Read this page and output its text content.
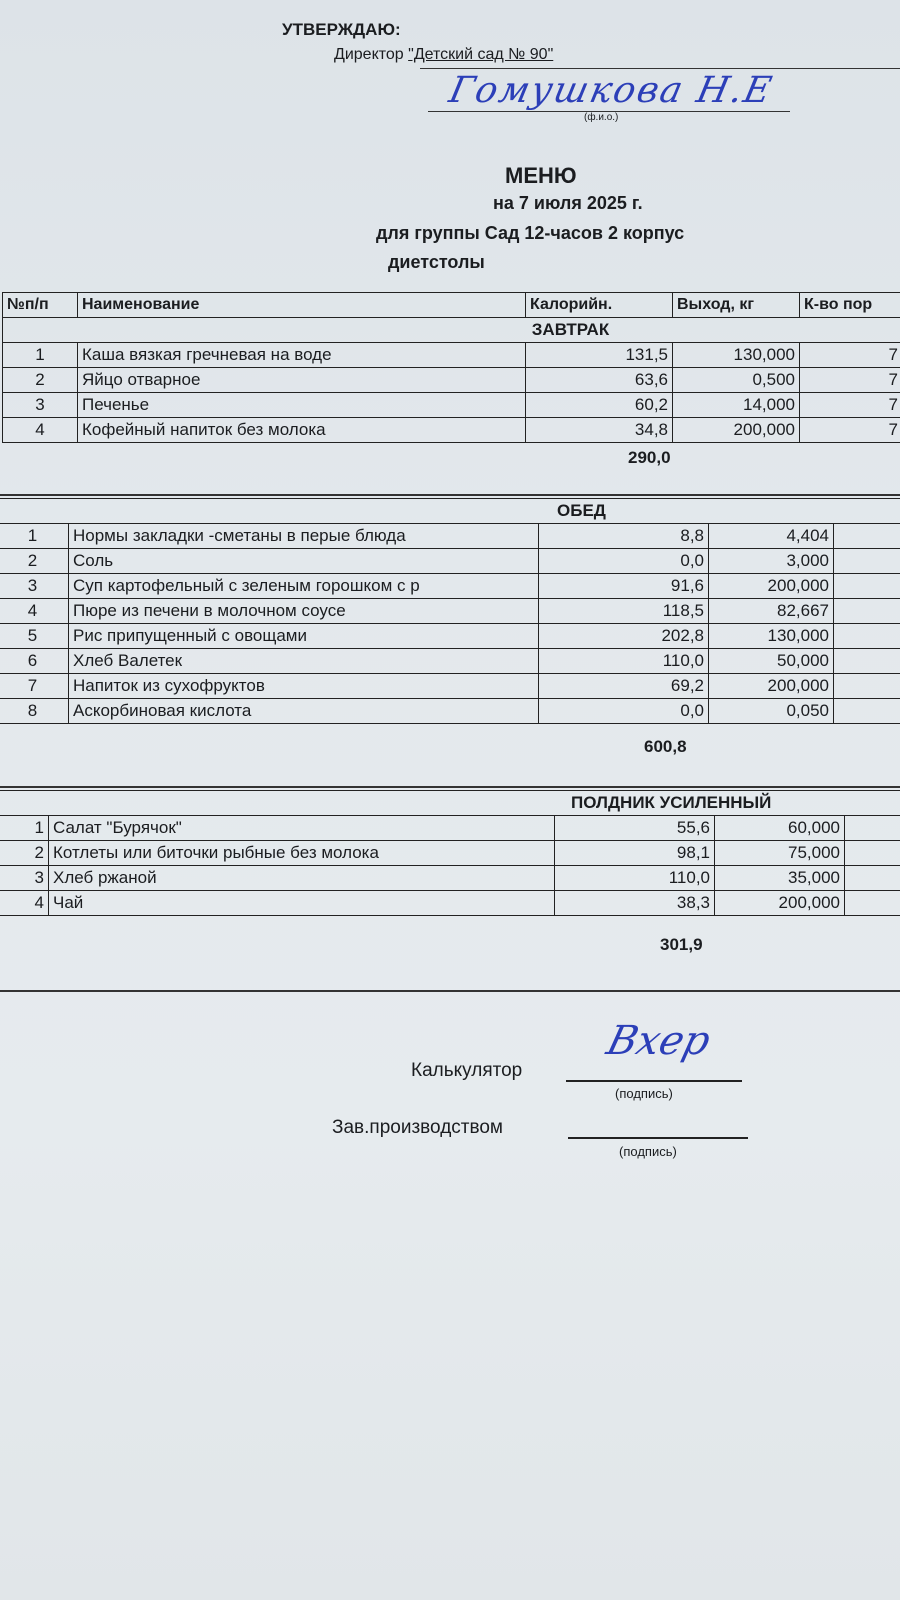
УТВЕРЖДАЮ:
Директор "Детский сад № 90"
Гомушкова Н.Е
(ф.и.о.)
МЕНЮ
на 7 июля 2025 г.
для группы Сад 12-часов 2 корпус
диетстолы
№п/п	Наименование	Калорийн.	Выход, кг	К-во пор
ЗАВТРАК				
1	Каша вязкая гречневая на воде	131,5	130,000	7
2	Яйцо отварное	63,6	0,500	7
3	Печенье	60,2	14,000	7
4	Кофейный напиток без молока	34,8	200,000	7
290,0
ОБЕД				
1	Нормы закладки -сметаны в перые блюда	8,8	4,404	
2	Соль	0,0	3,000	
3	Суп картофельный с зеленым горошком с р	91,6	200,000	
4	Пюре из печени в молочном соусе	118,5	82,667	
5	Рис припущенный с овощами	202,8	130,000	
6	Хлеб Валетек	110,0	50,000	
7	Напиток из сухофруктов	69,2	200,000	
8	Аскорбиновая кислота	0,0	0,050	
600,8
ПОЛДНИК УСИЛЕННЫЙ				
1	Салат "Бурячок"	55,6	60,000	
2	Котлеты или биточки рыбные без молока	98,1	75,000	
3	Хлеб ржаной	110,0	35,000	
4	Чай	38,3	200,000	
301,9
Калькулятор
Вхер
(подпись)
Зав.производством
(подпись)
